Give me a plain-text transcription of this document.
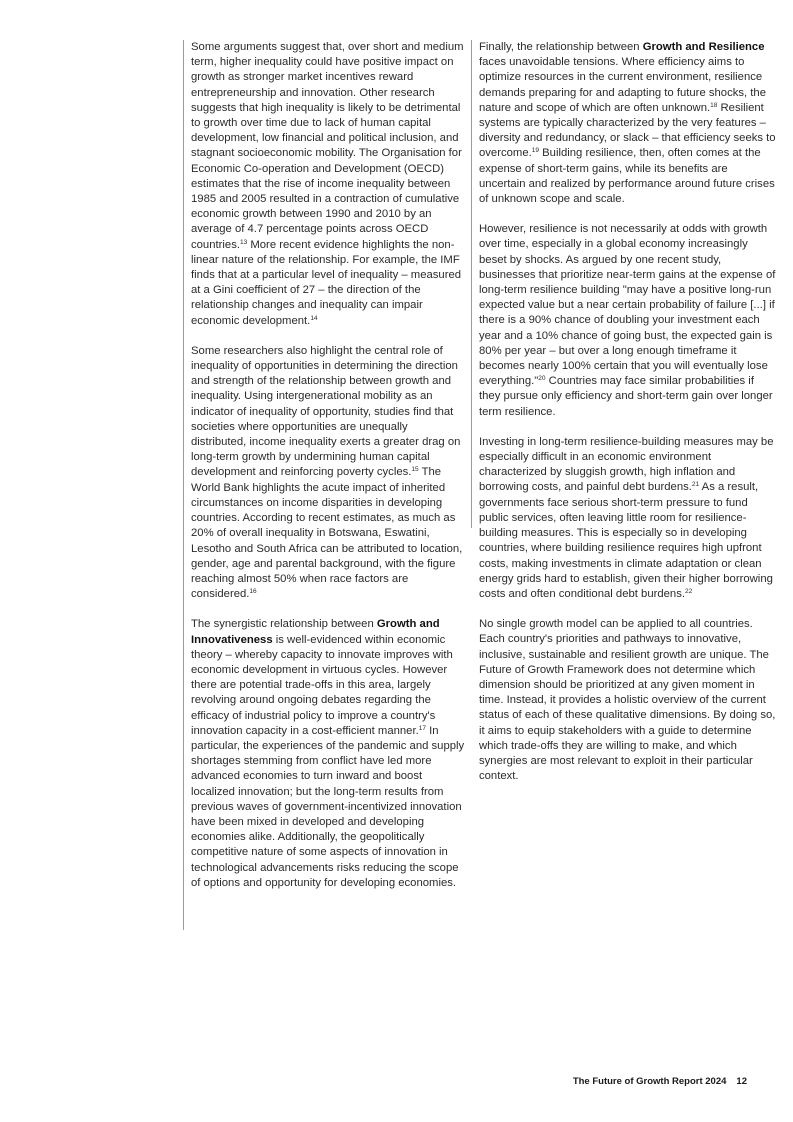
Some arguments suggest that, over short and medium term, higher inequality could have positive impact on growth as stronger market incentives reward entrepreneurship and innovation. Other research suggests that high inequality is likely to be detrimental to growth over time due to lack of human capital development, low financial and political inclusion, and stagnant socioeconomic mobility. The Organisation for Economic Co-operation and Development (OECD) estimates that the rise of income inequality between 1985 and 2005 resulted in a contraction of cumulative economic growth between 1990 and 2010 by an average of 4.7 percentage points across OECD countries.$^{13}$ More recent evidence highlights the non-linear nature of the relationship. For example, the IMF finds that at a particular level of inequality – measured at a Gini coefficient of 27 – the direction of the relationship changes and inequality can impair economic development.$^{14}$

Some researchers also highlight the central role of inequality of opportunities in determining the direction and strength of the relationship between growth and inequality. Using intergenerational mobility as an indicator of inequality of opportunity, studies find that societies where opportunities are unequally distributed, income inequality exerts a greater drag on long-term growth by undermining human capital development and reinforcing poverty cycles.$^{15}$ The World Bank highlights the acute impact of inherited circumstances on income disparities in developing countries. According to recent estimates, as much as 20% of overall inequality in Botswana, Eswatini, Lesotho and South Africa can be attributed to location, gender, age and parental background, with the figure reaching almost 50% when race factors are considered.$^{16}$

The synergistic relationship between Growth and Innovativeness is well-evidenced within economic theory – whereby capacity to innovate improves with economic development in virtuous cycles. However there are potential trade-offs in this area, largely revolving around ongoing debates regarding the efficacy of industrial policy to improve a country's innovation capacity in a cost-efficient manner.$^{17}$ In particular, the experiences of the pandemic and supply shortages stemming from conflict have led more advanced economies to turn inward and boost localized innovation; but the long-term results from previous waves of government-incentivized innovation have been mixed in developed and developing economies alike. Additionally, the geopolitically competitive nature of some aspects of innovation in technological advancements risks reducing the scope of options and opportunity for developing economies.

Finally, the relationship between Growth and Resilience faces unavoidable tensions. Where efficiency aims to optimize resources in the current environment, resilience demands preparing for and adapting to future shocks, the nature and scope of which are often unknown.$^{18}$ Resilient systems are typically characterized by the very features – diversity and redundancy, or slack – that efficiency seeks to overcome.$^{19}$ Building resilience, then, often comes at the expense of short-term gains, while its benefits are uncertain and realized by performance around future crises of unknown scope and scale.

However, resilience is not necessarily at odds with growth over time, especially in a global economy increasingly beset by shocks. As argued by one recent study, businesses that prioritize near-term gains at the expense of long-term resilience building "may have a positive long-run expected value but a near certain probability of failure [...] if there is a 90% chance of doubling your investment each year and a 10% chance of going bust, the expected gain is 80% per year – but over a long enough timeframe it becomes nearly 100% certain that you will eventually lose everything."$^{20}$ Countries may face similar probabilities if they pursue only efficiency and short-term gain over longer term resilience.

Investing in long-term resilience-building measures may be especially difficult in an economic environment characterized by sluggish growth, high inflation and borrowing costs, and painful debt burdens.$^{21}$ As a result, governments face serious short-term pressure to fund public services, often leaving little room for resilience-building measures. This is especially so in developing countries, where building resilience requires high upfront costs, making investments in climate adaptation or clean energy grids hard to establish, given their higher borrowing costs and often conditional debt burdens.$^{22}$

No single growth model can be applied to all countries. Each country's priorities and pathways to innovative, inclusive, sustainable and resilient growth are unique. The Future of Growth Framework does not determine which dimension should be prioritized at any given moment in time. Instead, it provides a holistic overview of the current status of each of these qualitative dimensions. By doing so, it aims to equip stakeholders with a guide to determine which trade-offs they are willing to make, and which synergies are most relevant to exploit in their particular context.

The Future of Growth Report 2024 12
